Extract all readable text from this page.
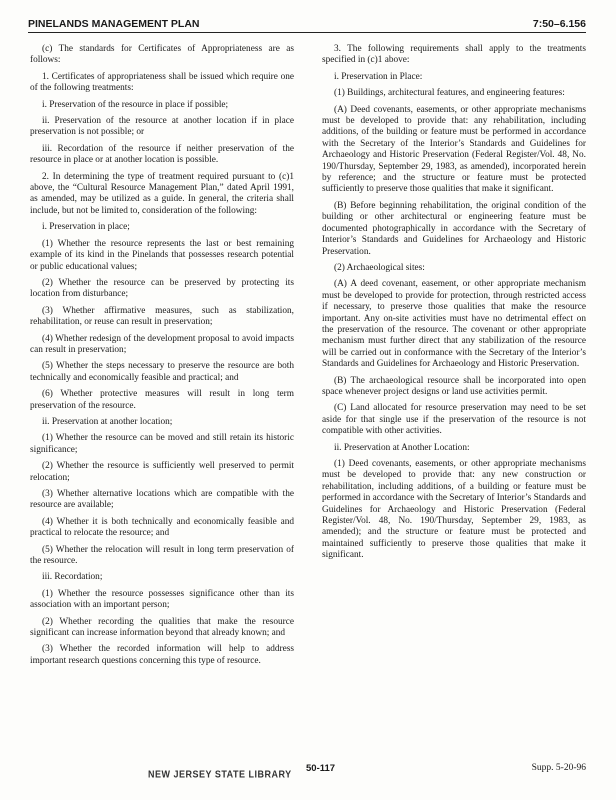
PINELANDS MANAGEMENT PLAN	7:50–6.156

(c) The standards for Certificates of Appropriateness are as follows:

1. Certificates of appropriateness shall be issued which require one of the following treatments:

i. Preservation of the resource in place if possible;

ii. Preservation of the resource at another location if in place preservation is not possible; or

iii. Recordation of the resource if neither preservation of the resource in place or at another location is possible.

2. In determining the type of treatment required pursuant to (c)1 above, the “Cultural Resource Management Plan,” dated April 1991, as amended, may be utilized as a guide. In general, the criteria shall include, but not be limited to, consideration of the following:

i. Preservation in place;

(1) Whether the resource represents the last or best remaining example of its kind in the Pinelands that possesses research potential or public educational values;

(2) Whether the resource can be preserved by protecting its location from disturbance;

(3) Whether affirmative measures, such as stabilization, rehabilitation, or reuse can result in preservation;

(4) Whether redesign of the development proposal to avoid impacts can result in preservation;

(5) Whether the steps necessary to preserve the resource are both technically and economically feasible and practical; and

(6) Whether protective measures will result in long term preservation of the resource.

ii. Preservation at another location;

(1) Whether the resource can be moved and still retain its historic significance;

(2) Whether the resource is sufficiently well preserved to permit relocation;

(3) Whether alternative locations which are compatible with the resource are available;

(4) Whether it is both technically and economically feasible and practical to relocate the resource; and

(5) Whether the relocation will result in long term preservation of the resource.

iii. Recordation;

(1) Whether the resource possesses significance other than its association with an important person;

(2) Whether recording the qualities that make the resource significant can increase information beyond that already known; and

(3) Whether the recorded information will help to address important research questions concerning this type of resource.

3. The following requirements shall apply to the treatments specified in (c)1 above:

i. Preservation in Place:

(1) Buildings, architectural features, and engineering features:

(A) Deed covenants, easements, or other appropriate mechanisms must be developed to provide that: any rehabilitation, including additions, of the building or feature must be performed in accordance with the Secretary of the Interior’s Standards and Guidelines for Archaeology and Historic Preservation (Federal Register/Vol. 48, No. 190/Thursday, September 29, 1983, as amended), incorporated herein by reference; and the structure or feature must be protected sufficiently to preserve those qualities that make it significant.

(B) Before beginning rehabilitation, the original condition of the building or other architectural or engineering feature must be documented photographically in accordance with the Secretary of Interior’s Standards and Guidelines for Archaeology and Historic Preservation.

(2) Archaeological sites:

(A) A deed covenant, easement, or other appropriate mechanism must be developed to provide for protection, through restricted access if necessary, to preserve those qualities that make the resource important. Any on-site activities must have no detrimental effect on the preservation of the resource. The covenant or other appropriate mechanism must further direct that any stabilization of the resource will be carried out in conformance with the Secretary of the Interior’s Standards and Guidelines for Archaeology and Historic Preservation.

(B) The archaeological resource shall be incorporated into open space whenever project designs or land use activities permit.

(C) Land allocated for resource preservation may need to be set aside for that single use if the preservation of the resource is not compatible with other activities.

ii. Preservation at Another Location:

(1) Deed covenants, easements, or other appropriate mechanisms must be developed to provide that: any new construction or rehabilitation, including additions, of a building or feature must be performed in accordance with the Secretary of Interior’s Standards and Guidelines for Archaeology and Historic Preservation (Federal Register/Vol. 48, No. 190/Thursday, September 29, 1983, as amended); and the structure or feature must be protected and maintained sufficiently to preserve those qualities that make it significant.

NEW JERSEY STATE LIBRARY 50-117	Supp. 5-20-96
